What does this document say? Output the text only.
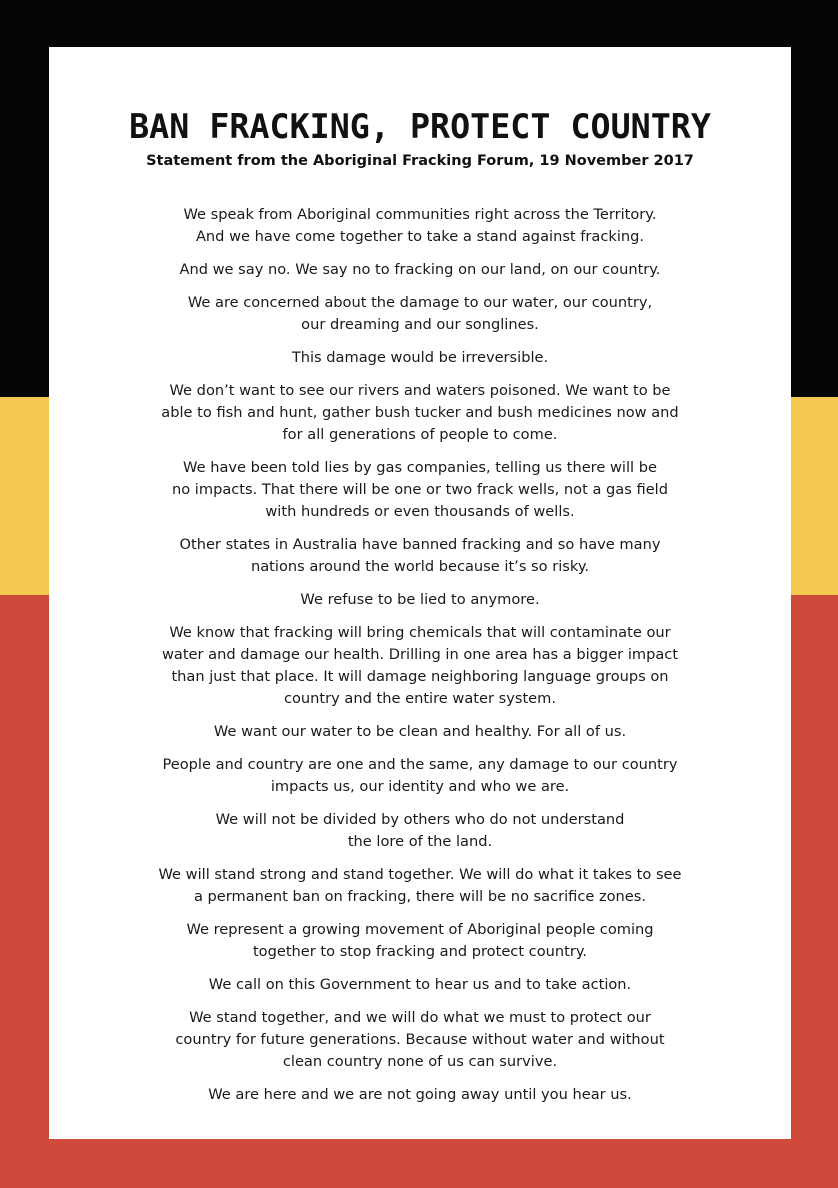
BAN FRACKING, PROTECT COUNTRY
Statement from the Aboriginal Fracking Forum, 19 November 2017

We speak from Aboriginal communities right across the Territory.
And we have come together to take a stand against fracking.

And we say no. We say no to fracking on our land, on our country.

We are concerned about the damage to our water, our country,
our dreaming and our songlines.

This damage would be irreversible.

We don’t want to see our rivers and waters poisoned. We want to be
able to fish and hunt, gather bush tucker and bush medicines now and
for all generations of people to come.

We have been told lies by gas companies, telling us there will be
no impacts. That there will be one or two frack wells, not a gas field
with hundreds or even thousands of wells.

Other states in Australia have banned fracking and so have many
nations around the world because it’s so risky.

We refuse to be lied to anymore.

We know that fracking will bring chemicals that will contaminate our
water and damage our health. Drilling in one area has a bigger impact
than just that place. It will damage neighboring language groups on
country and the entire water system.

We want our water to be clean and healthy. For all of us.

People and country are one and the same, any damage to our country
impacts us, our identity and who we are.

We will not be divided by others who do not understand
the lore of the land.

We will stand strong and stand together. We will do what it takes to see
a permanent ban on fracking, there will be no sacrifice zones.

We represent a growing movement of Aboriginal people coming
together to stop fracking and protect country.

We call on this Government to hear us and to take action.

We stand together, and we will do what we must to protect our
country for future generations. Because without water and without
clean country none of us can survive.

We are here and we are not going away until you hear us.
